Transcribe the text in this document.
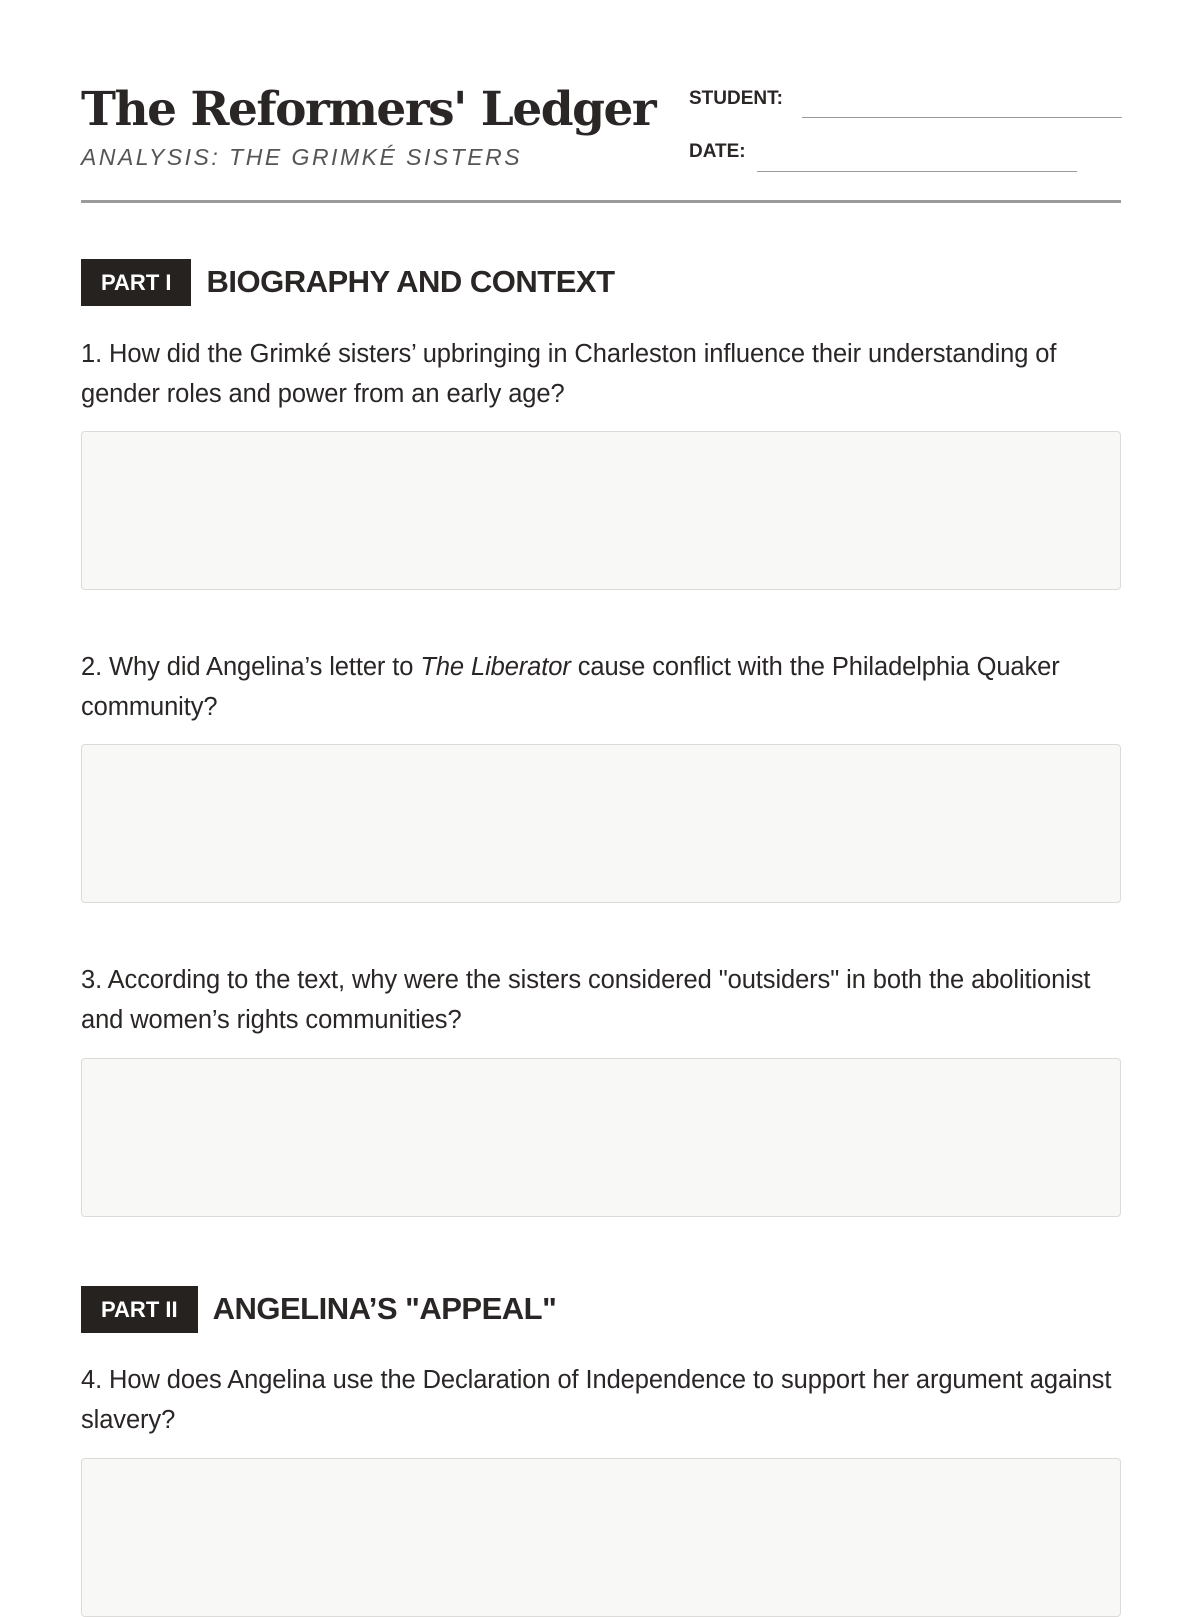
The Reformers' Ledger
ANALYSIS: THE GRIMKÉ SISTERS
STUDENT:
DATE:
PART I	BIOGRAPHY AND CONTEXT
1. How did the Grimké sisters’ upbringing in Charleston influence their understanding of gender roles and power from an early age?
2. Why did Angelina’s letter to The Liberator cause conflict with the Philadelphia Quaker community?
3. According to the text, why were the sisters considered "outsiders" in both the abolitionist and women’s rights communities?
PART II	ANGELINA’S "APPEAL"
4. How does Angelina use the Declaration of Independence to support her argument against slavery?
